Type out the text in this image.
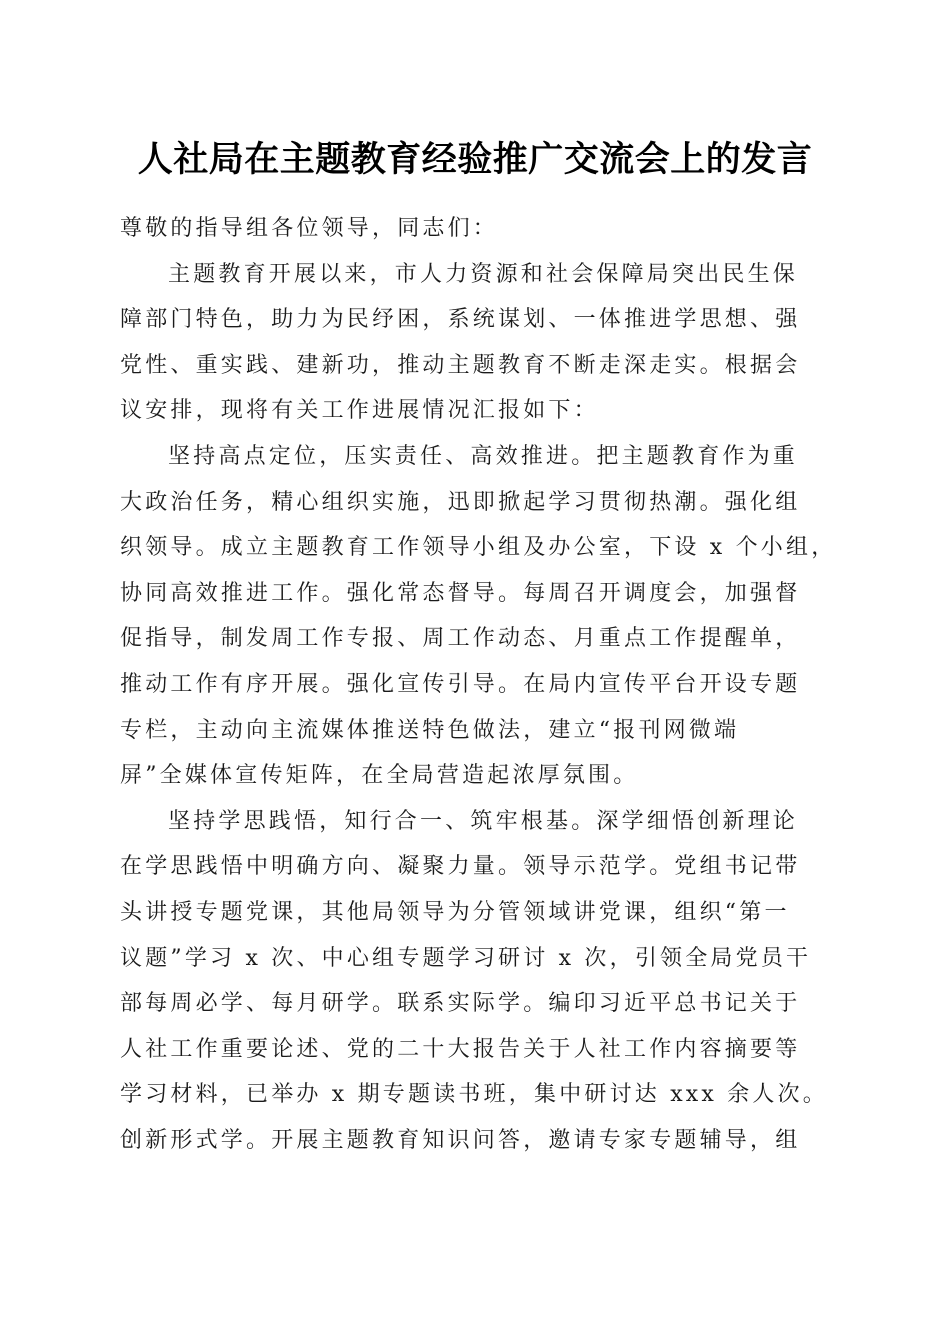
人社局在主题教育经验推广交流会上的发言
尊敬的指导组各位领导，同志们：
主题教育开展以来，市人力资源和社会保障局突出民生保
障部门特色，助力为民纾困，系统谋划、一体推进学思想、强
党性、重实践、建新功，推动主题教育不断走深走实。根据会
议安排，现将有关工作进展情况汇报如下：
坚持高点定位，压实责任、高效推进。把主题教育作为重
大政治任务，精心组织实施，迅即掀起学习贯彻热潮。强化组
织领导。成立主题教育工作领导小组及办公室，下设 x 个小组，
协同高效推进工作。强化常态督导。每周召开调度会，加强督
促指导，制发周工作专报、周工作动态、月重点工作提醒单，
推动工作有序开展。强化宣传引导。在局内宣传平台开设专题
专栏，主动向主流媒体推送特色做法，建立“报刊网微端
屏”全媒体宣传矩阵，在全局营造起浓厚氛围。
坚持学思践悟，知行合一、筑牢根基。深学细悟创新理论
在学思践悟中明确方向、凝聚力量。领导示范学。党组书记带
头讲授专题党课，其他局领导为分管领域讲党课，组织“第一
议题”学习 x 次、中心组专题学习研讨 x 次，引领全局党员干
部每周必学、每月研学。联系实际学。编印习近平总书记关于
人社工作重要论述、党的二十大报告关于人社工作内容摘要等
学习材料，已举办 x 期专题读书班，集中研讨达 xxx 余人次。
创新形式学。开展主题教育知识问答，邀请专家专题辅导，组
